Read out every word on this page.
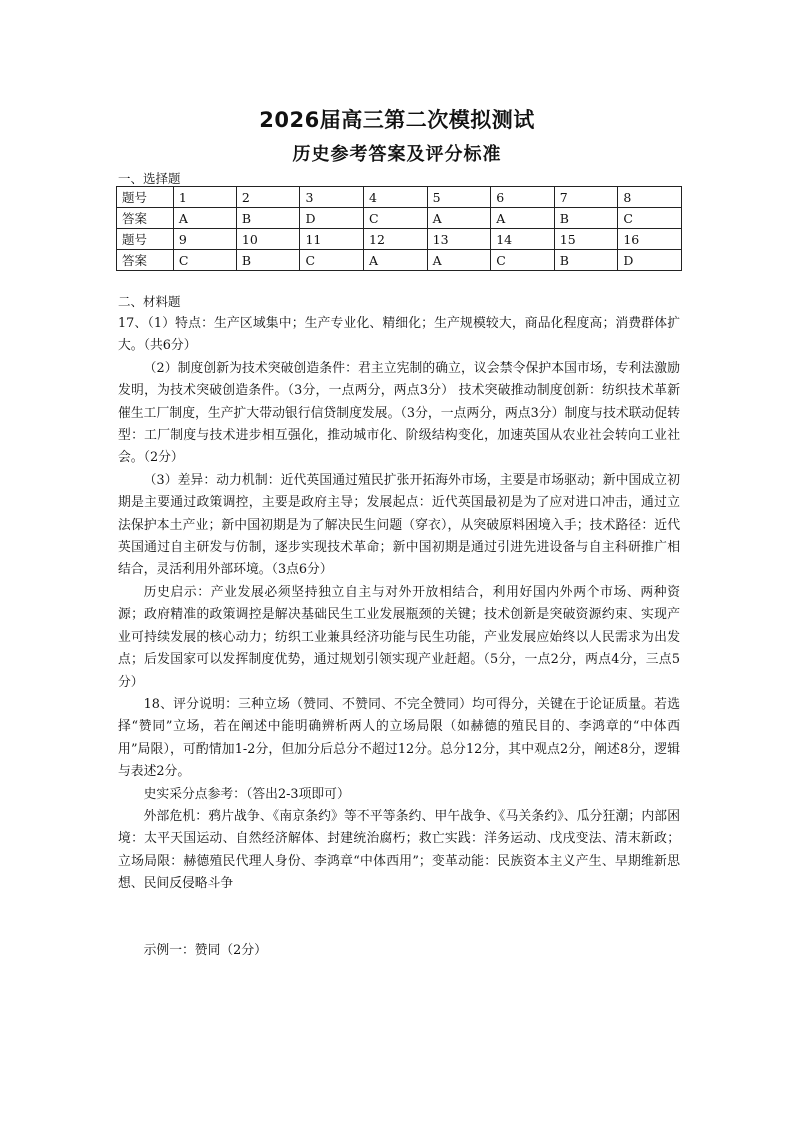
2026届高三第二次模拟测试
历史参考答案及评分标准
一、选择题
题号	1	2	3	4	5	6	7	8
答案	A	B	D	C	A	A	B	C
题号	9	10	11	12	13	14	15	16
答案	C	B	C	A	A	C	B	D
二、材料题

17、（1）特点：生产区域集中；生产专业化、精细化；生产规模较大，商品化程度高；消费群体扩大。（共6分）

（2）制度创新为技术突破创造条件：君主立宪制的确立，议会禁令保护本国市场，专利法激励发明，为技术突破创造条件。（3分，一点两分，两点3分） 技术突破推动制度创新：纺织技术革新催生工厂制度，生产扩大带动银行信贷制度发展。（3分，一点两分，两点3分）制度与技术联动促转型：工厂制度与技术进步相互强化，推动城市化、阶级结构变化，加速英国从农业社会转向工业社会。（2分）

（3）差异：动力机制：近代英国通过殖民扩张开拓海外市场，主要是市场驱动；新中国成立初期是主要通过政策调控，主要是政府主导；发展起点：近代英国最初是为了应对进口冲击，通过立法保护本土产业；新中国初期是为了解决民生问题（穿衣），从突破原料困境入手；技术路径：近代英国通过自主研发与仿制，逐步实现技术革命；新中国初期是通过引进先进设备与自主科研推广相结合，灵活利用外部环境。（3点6分）

历史启示：产业发展必须坚持独立自主与对外开放相结合，利用好国内外两个市场、两种资源；政府精准的政策调控是解决基础民生工业发展瓶颈的关键；技术创新是突破资源约束、实现产业可持续发展的核心动力；纺织工业兼具经济功能与民生功能，产业发展应始终以人民需求为出发点；后发国家可以发挥制度优势，通过规划引领实现产业赶超。（5分，一点2分，两点4分，三点5分）

18、评分说明：三种立场（赞同、不赞同、不完全赞同）均可得分，关键在于论证质量。若选择“赞同”立场，若在阐述中能明确辨析两人的立场局限（如赫德的殖民目的、李鸿章的“中体西用”局限），可酌情加1-2分，但加分后总分不超过12分。总分12分，其中观点2分，阐述8分，逻辑与表述2分。

史实采分点参考：（答出2-3项即可）

外部危机：鸦片战争、《南京条约》等不平等条约、甲午战争、《马关条约》、瓜分狂潮；内部困境：太平天国运动、自然经济解体、封建统治腐朽；救亡实践：洋务运动、戊戌变法、清末新政；立场局限：赫德殖民代理人身份、李鸿章“中体西用”；变革动能：民族资本主义产生、早期维新思想、民间反侵略斗争

示例一：赞同（2分）
